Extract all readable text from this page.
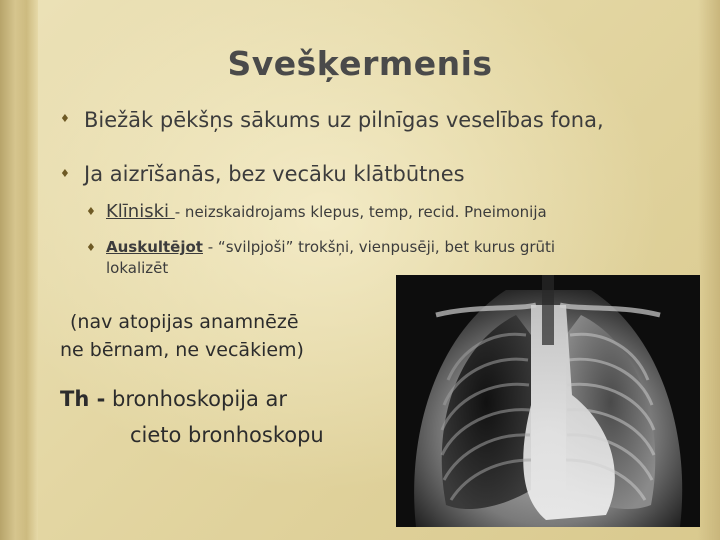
Svešķermenis
♦ Biežāk pēkšņs sākums uz pilnīgas veselības fona,
♦ Ja aizrīšanās, bez vecāku klātbūtnes
♦ Klīniski - neizskaidrojams klepus, temp, recid. Pneimonija
♦ Auskultējot - “svilpjoši” trokšņi, vienpusēji, bet kurus grūti
lokalizēt
(nav atopijas anamnēzē
ne bērnam, ne vecākiem)
Th - bronhoskopija ar
cieto bronhoskopu
